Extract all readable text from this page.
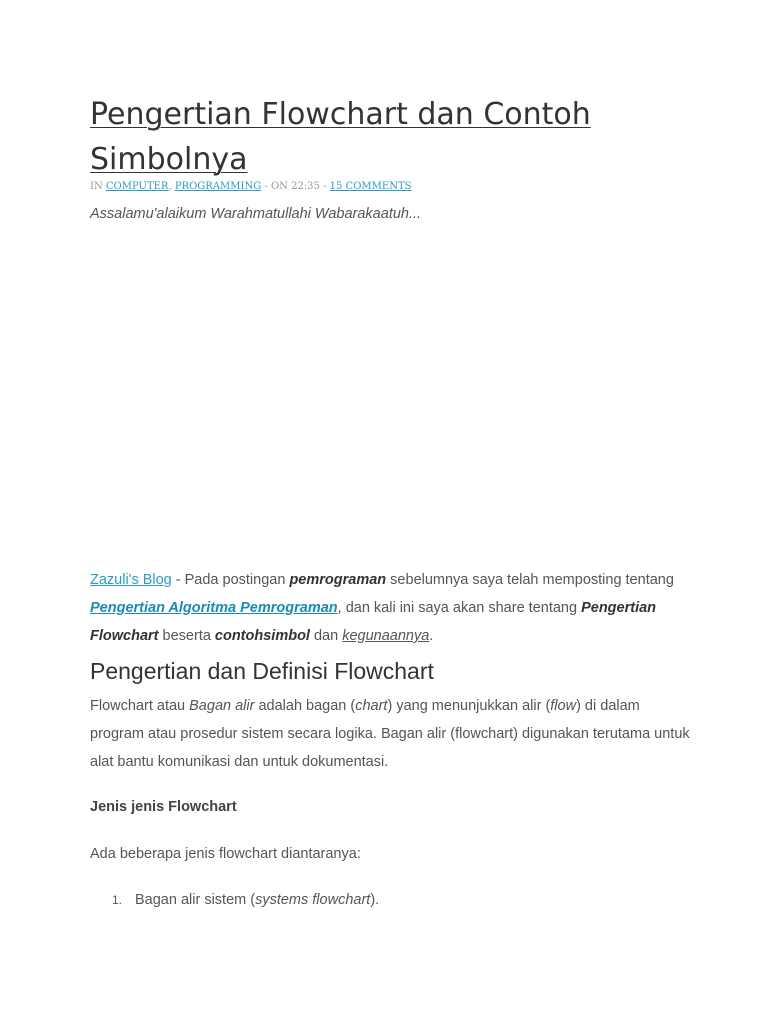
Pengertian Flowchart dan Contoh Simbolnya
IN COMPUTER, PROGRAMMING - ON 22:35 - 15 COMMENTS

Assalamu'alaikum Warahmatullahi Wabarakaatuh...

Zazuli's Blog - Pada postingan pemrograman sebelumnya saya telah memposting tentang Pengertian Algoritma Pemrograman, dan kali ini saya akan share tentang Pengertian Flowchart beserta contohsimbol dan kegunaannya.

Pengertian dan Definisi Flowchart

Flowchart atau Bagan alir adalah bagan (chart) yang menunjukkan alir (flow) di dalam program atau prosedur sistem secara logika. Bagan alir (flowchart) digunakan terutama untuk alat bantu komunikasi dan untuk dokumentasi.

Jenis jenis Flowchart

Ada beberapa jenis flowchart diantaranya:

1. Bagan alir sistem (systems flowchart).
